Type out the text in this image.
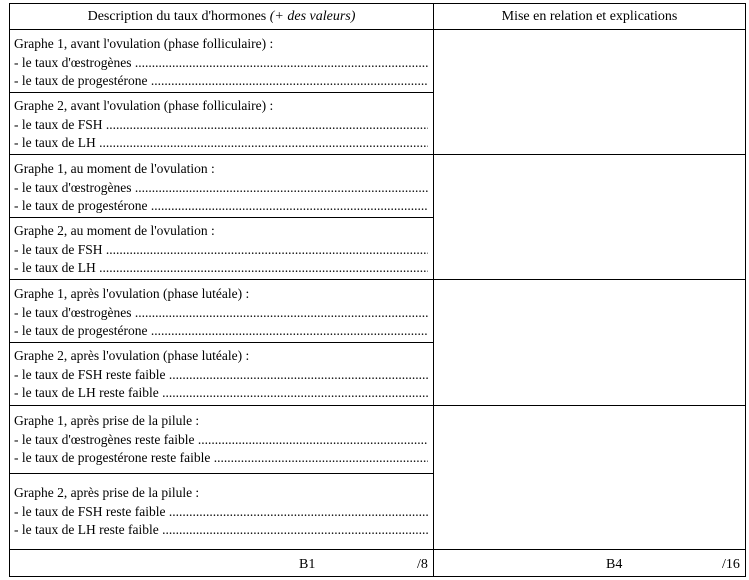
Description du taux d'hormones (+ des valeurs)	Mise en relation et explications
Graphe 1, avant l'ovulation (phase folliculaire) :
- le taux d'œstrogènes .....
- le taux de progestérone .....
Graphe 2, avant l'ovulation (phase folliculaire) :
- le taux de FSH .....
- le taux de LH .....
Graphe 1, au moment de l'ovulation :
- le taux d'œstrogènes .....
- le taux de progestérone .....
Graphe 2, au moment de l'ovulation :
- le taux de FSH .....
- le taux de LH .....
Graphe 1, après l'ovulation (phase lutéale) :
- le taux d'œstrogènes .....
- le taux de progestérone .....
Graphe 2, après l'ovulation (phase lutéale) :
- le taux de FSH reste faible .....
- le taux de LH reste faible .....
Graphe 1, après prise de la pilule :
- le taux d'œstrogènes reste faible .....
- le taux de progestérone reste faible .....
Graphe 2, après prise de la pilule :
- le taux de FSH reste faible .....
- le taux de LH reste faible .....
B1	/8	B4	/16
